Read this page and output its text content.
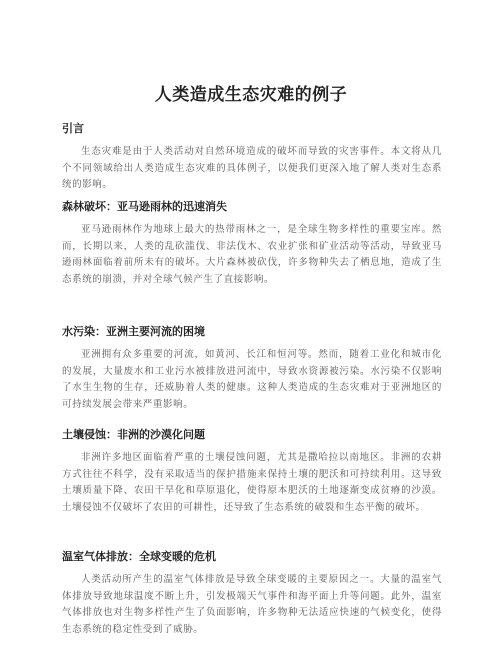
人类造成生态灾难的例子
引言

生态灾难是由于人类活动对自然环境造成的破坏而导致的灾害事件。本文将从几个不同领域给出人类造成生态灾难的具体例子，以便我们更深入地了解人类对生态系统的影响。

森林破坏：亚马逊雨林的迅速消失

亚马逊雨林作为地球上最大的热带雨林之一，是全球生物多样性的重要宝库。然而，长期以来，人类的乱砍滥伐、非法伐木、农业扩张和矿业活动等活动，导致亚马逊雨林面临着前所未有的破坏。大片森林被砍伐，许多物种失去了栖息地，造成了生态系统的崩溃，并对全球气候产生了直接影响。

水污染：亚洲主要河流的困境

亚洲拥有众多重要的河流，如黄河、长江和恒河等。然而，随着工业化和城市化的发展，大量废水和工业污水被排放进河流中，导致水资源被污染。水污染不仅影响了水生生物的生存，还威胁着人类的健康。这种人类造成的生态灾难对于亚洲地区的可持续发展会带来严重影响。

土壤侵蚀：非洲的沙漠化问题

非洲许多地区面临着严重的土壤侵蚀问题，尤其是撒哈拉以南地区。非洲的农耕方式往往不科学，没有采取适当的保护措施来保持土壤的肥沃和可持续利用。这导致土壤质量下降、农田干旱化和草原退化，使得原本肥沃的土地逐渐变成贫瘠的沙漠。土壤侵蚀不仅破坏了农田的可耕性，还导致了生态系统的破裂和生态平衡的破坏。

温室气体排放：全球变暖的危机

人类活动所产生的温室气体排放是导致全球变暖的主要原因之一。大量的温室气体排放导致地球温度不断上升，引发极端天气事件和海平面上升等问题。此外，温室气体排放也对生物多样性产生了负面影响，许多物种无法适应快速的气候变化，使得生态系统的稳定性受到了威胁。
